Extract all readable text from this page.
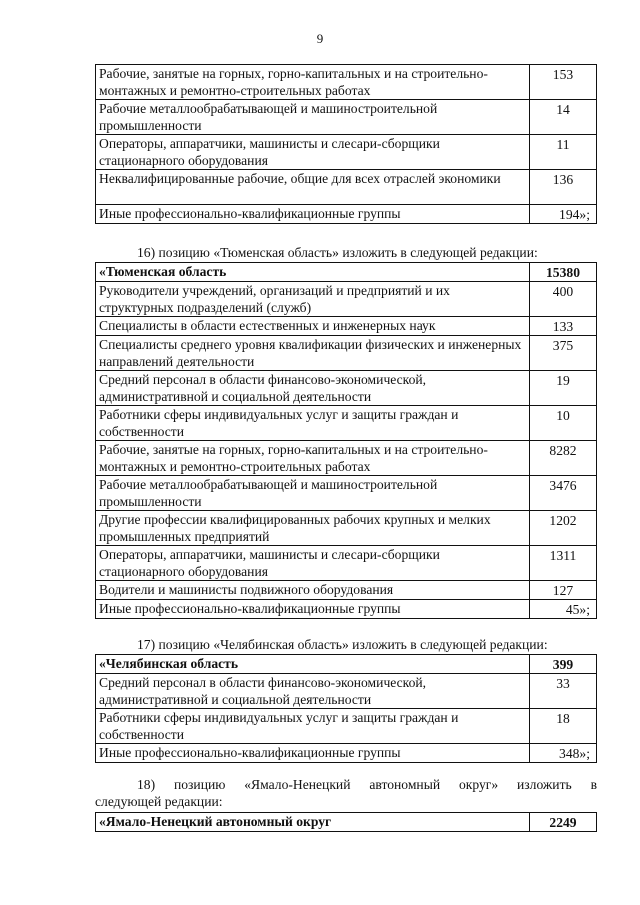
9
Рабочие, занятые на горных, горно-капитальных и на строительно-монтажных и ремонтно-строительных работах	153
Рабочие металлообрабатывающей и машиностроительной промышленности	14
Операторы, аппаратчики, машинисты и слесари-сборщики стационарного оборудования	11
Неквалифицированные рабочие, общие для всех отраслей экономики	136
Иные профессионально-квалификационные группы	194»;
16) позицию «Тюменская область» изложить в следующей редакции:
«Тюменская область	15380
Руководители учреждений, организаций и предприятий и их структурных подразделений (служб)	400
Специалисты в области естественных и инженерных наук	133
Специалисты среднего уровня квалификации физических и инженерных направлений деятельности	375
Средний персонал в области финансово-экономической, административной и социальной деятельности	19
Работники сферы индивидуальных услуг и защиты граждан и собственности	10
Рабочие, занятые на горных, горно-капитальных и на строительно-монтажных и ремонтно-строительных работах	8282
Рабочие металлообрабатывающей и машиностроительной промышленности	3476
Другие профессии квалифицированных рабочих крупных и мелких промышленных предприятий	1202
Операторы, аппаратчики, машинисты и слесари-сборщики стационарного оборудования	1311
Водители и машинисты подвижного оборудования	127
Иные профессионально-квалификационные группы	45»;
17) позицию «Челябинская область» изложить в следующей редакции:
«Челябинская область	399
Средний персонал в области финансово-экономической, административной и социальной деятельности	33
Работники сферы индивидуальных услуг и защиты граждан и собственности	18
Иные профессионально-квалификационные группы	348»;
18) позицию «Ямало-Ненецкий автономный округ» изложить в
следующей редакции:
«Ямало-Ненецкий автономный округ	2249
